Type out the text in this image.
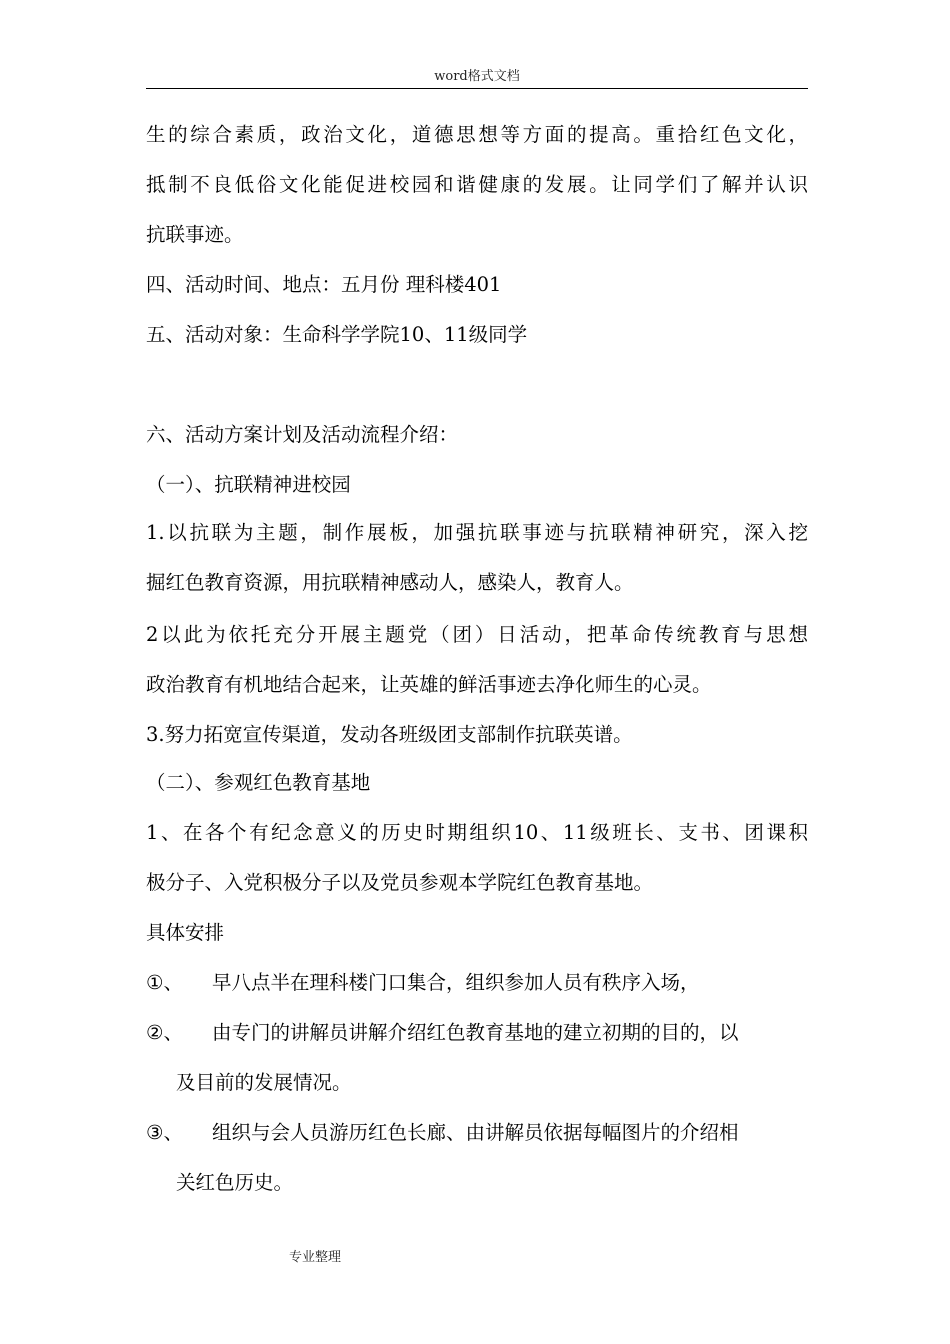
word格式文档
生的综合素质，政治文化，道德思想等方面的提高。重拾红色文化，
抵制不良低俗文化能促进校园和谐健康的发展。让同学们了解并认识
抗联事迹。
四、活动时间、地点：五月份 理科楼401
五、活动对象：生命科学学院10、11级同学
六、活动方案计划及活动流程介绍：
（一）、抗联精神进校园
1.以抗联为主题，制作展板，加强抗联事迹与抗联精神研究，深入挖
掘红色教育资源，用抗联精神感动人，感染人，教育人。
2以此为依托充分开展主题党（团）日活动，把革命传统教育与思想
政治教育有机地结合起来，让英雄的鲜活事迹去净化师生的心灵。
3.努力拓宽宣传渠道，发动各班级团支部制作抗联英谱。
（二）、参观红色教育基地
1、在各个有纪念意义的历史时期组织10、11级班长、支书、团课积
极分子、入党积极分子以及党员参观本学院红色教育基地。
具体安排
①、 早八点半在理科楼门口集合，组织参加人员有秩序入场，
②、 由专门的讲解员讲解介绍红色教育基地的建立初期的目的，以
及目前的发展情况。
③、 组织与会人员游历红色长廊、由讲解员依据每幅图片的介绍相
关红色历史。
专业整理
